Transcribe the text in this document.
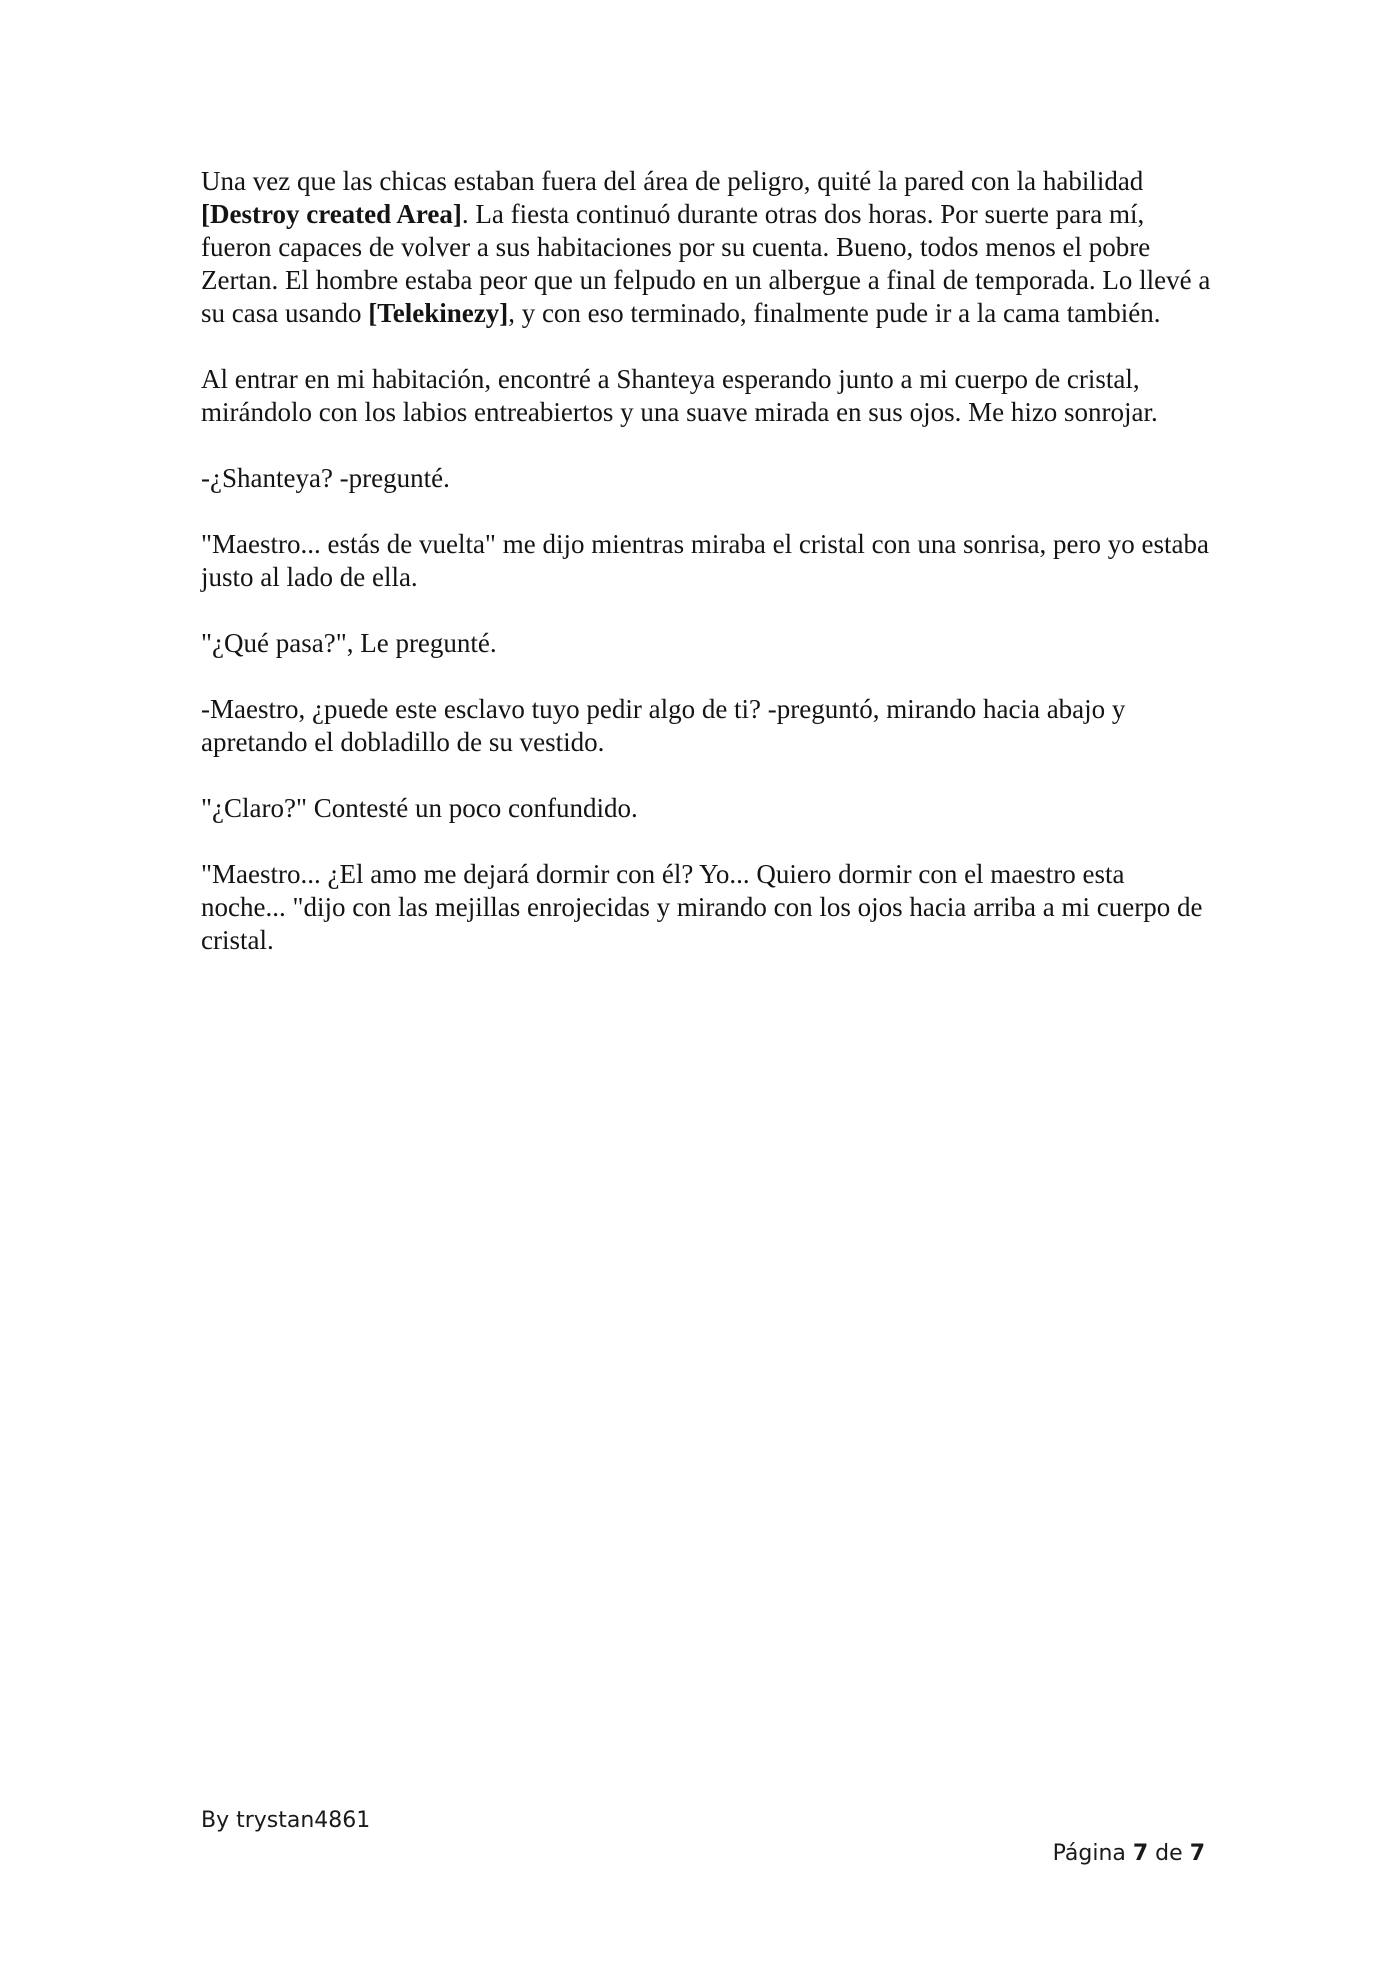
Una vez que las chicas estaban fuera del área de peligro, quité la pared con la habilidad [Destroy created Area]. La fiesta continuó durante otras dos horas. Por suerte para mí, fueron capaces de volver a sus habitaciones por su cuenta. Bueno, todos menos el pobre Zertan. El hombre estaba peor que un felpudo en un albergue a final de temporada. Lo llevé a su casa usando [Telekinezy], y con eso terminado, finalmente pude ir a la cama también.

Al entrar en mi habitación, encontré a Shanteya esperando junto a mi cuerpo de cristal, mirándolo con los labios entreabiertos y una suave mirada en sus ojos. Me hizo sonrojar.

-¿Shanteya? -pregunté.

"Maestro... estás de vuelta" me dijo mientras miraba el cristal con una sonrisa, pero yo estaba justo al lado de ella.

"¿Qué pasa?", Le pregunté.

-Maestro, ¿puede este esclavo tuyo pedir algo de ti? -preguntó, mirando hacia abajo y apretando el dobladillo de su vestido.

"¿Claro?" Contesté un poco confundido.

"Maestro... ¿El amo me dejará dormir con él? Yo... Quiero dormir con el maestro esta noche... "dijo con las mejillas enrojecidas y mirando con los ojos hacia arriba a mi cuerpo de cristal.

By trystan4861
Página 7 de 7
